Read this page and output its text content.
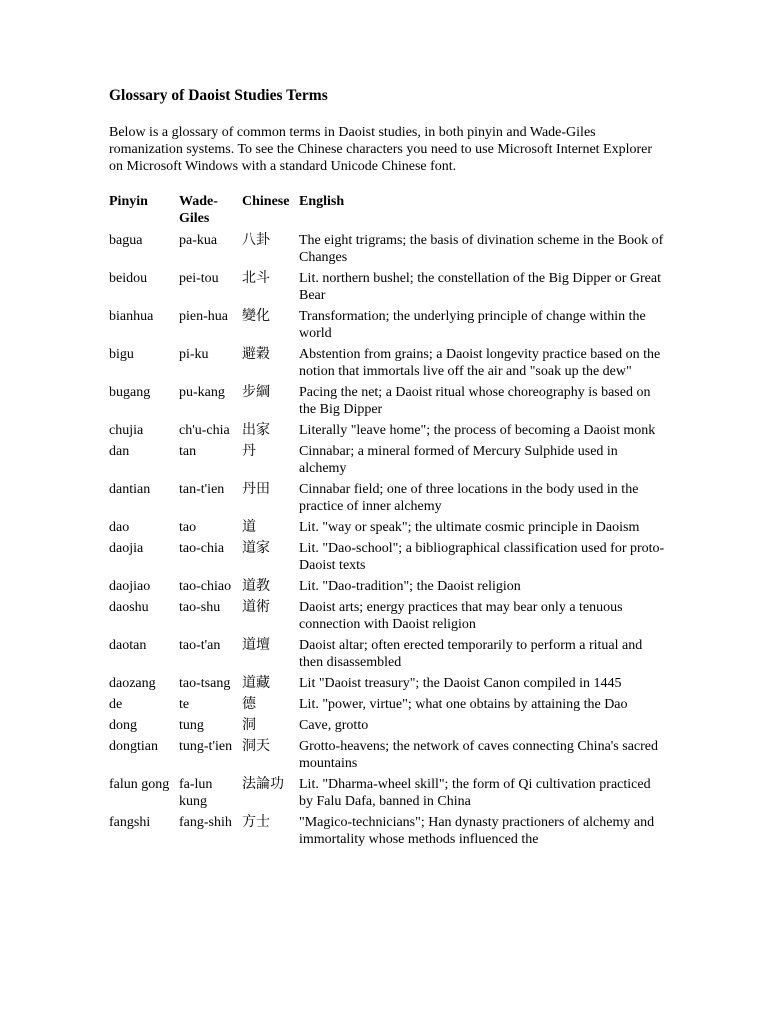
Glossary of Daoist Studies Terms

Below is a glossary of common terms in Daoist studies, in both pinyin and Wade-Giles romanization systems. To see the Chinese characters you need to use Microsoft Internet Explorer on Microsoft Windows with a standard Unicode Chinese font.

Pinyin	Wade-Giles	Chinese	English
bagua	pa-kua	八卦	The eight trigrams; the basis of divination scheme in the Book of Changes
beidou	pei-tou	北斗	Lit. northern bushel; the constellation of the Big Dipper or Great Bear
bianhua	pien-hua	變化	Transformation; the underlying principle of change within the world
bigu	pi-ku	避穀	Abstention from grains; a Daoist longevity practice based on the notion that immortals live off the air and "soak up the dew"
bugang	pu-kang	步綱	Pacing the net; a Daoist ritual whose choreography is based on the Big Dipper
chujia	ch'u-chia	出家	Literally "leave home"; the process of becoming a Daoist monk
dan	tan	丹	Cinnabar; a mineral formed of Mercury Sulphide used in alchemy
dantian	tan-t'ien	丹田	Cinnabar field; one of three locations in the body used in the practice of inner alchemy
dao	tao	道	Lit. "way or speak"; the ultimate cosmic principle in Daoism
daojia	tao-chia	道家	Lit. "Dao-school"; a bibliographical classification used for proto-Daoist texts
daojiao	tao-chiao	道教	Lit. "Dao-tradition"; the Daoist religion
daoshu	tao-shu	道術	Daoist arts; energy practices that may bear only a tenuous connection with Daoist religion
daotan	tao-t'an	道壇	Daoist altar; often erected temporarily to perform a ritual and then disassembled
daozang	tao-tsang	道藏	Lit "Daoist treasury"; the Daoist Canon compiled in 1445
de	te	德	Lit. "power, virtue"; what one obtains by attaining the Dao
dong	tung	洞	Cave, grotto
dongtian	tung-t'ien	洞天	Grotto-heavens; the network of caves connecting China's sacred mountains
falun gong	fa-lun kung	法論功	Lit. "Dharma-wheel skill"; the form of Qi cultivation practiced by Falu Dafa, banned in China
fangshi	fang-shih	方士	"Magico-technicians"; Han dynasty practioners of alchemy and immortality whose methods influenced the
